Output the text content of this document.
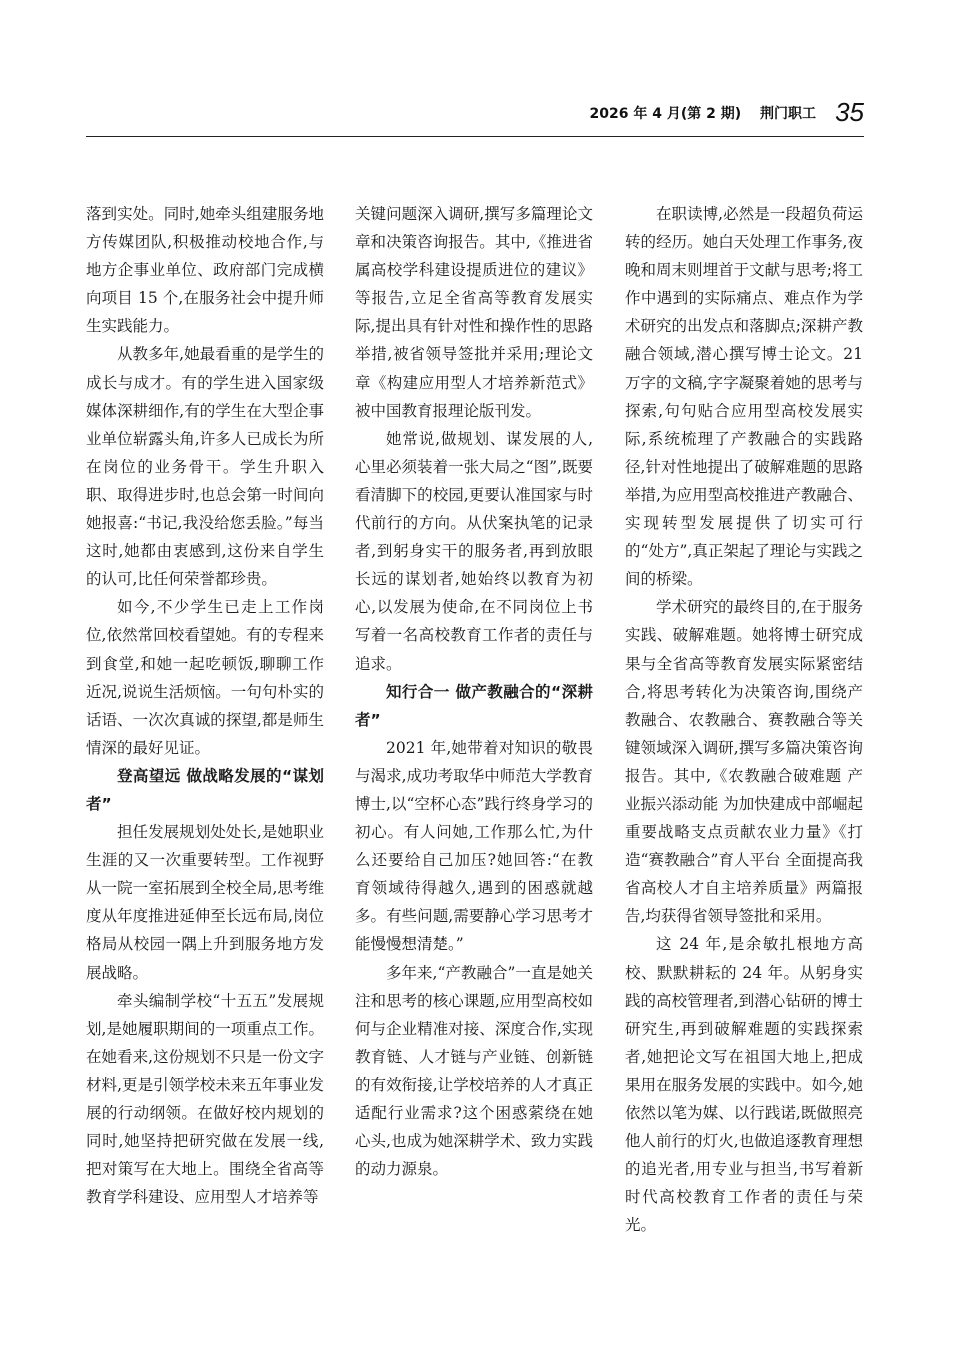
2026 年 4 月(第 2 期) 荆门职工 35

落到实处。同时,她牵头组建服务地方传媒团队,积极推动校地合作,与地方企事业单位、政府部门完成横向项目 15 个,在服务社会中提升师生实践能力。

从教多年,她最看重的是学生的成长与成才。有的学生进入国家级媒体深耕细作,有的学生在大型企事业单位崭露头角,许多人已成长为所在岗位的业务骨干。学生升职入职、取得进步时,也总会第一时间向她报喜:“书记,我没给您丢脸。”每当这时,她都由衷感到,这份来自学生的认可,比任何荣誉都珍贵。

如今,不少学生已走上工作岗位,依然常回校看望她。有的专程来到食堂,和她一起吃顿饭,聊聊工作近况,说说生活烦恼。一句句朴实的话语、一次次真诚的探望,都是师生情深的最好见证。

登高望远 做战略发展的“谋划者”

担任发展规划处处长,是她职业生涯的又一次重要转型。工作视野从一院一室拓展到全校全局,思考维度从年度推进延伸至长远布局,岗位格局从校园一隅上升到服务地方发展战略。

牵头编制学校“十五五”发展规划,是她履职期间的一项重点工作。在她看来,这份规划不只是一份文字材料,更是引领学校未来五年事业发展的行动纲领。在做好校内规划的同时,她坚持把研究做在发展一线,把对策写在大地上。围绕全省高等教育学科建设、应用型人才培养等

关键问题深入调研,撰写多篇理论文章和决策咨询报告。其中,《推进省属高校学科建设提质进位的建议》等报告,立足全省高等教育发展实际,提出具有针对性和操作性的思路举措,被省领导签批并采用;理论文章《构建应用型人才培养新范式》被中国教育报理论版刊发。

她常说,做规划、谋发展的人,心里必须装着一张大局之“图”,既要看清脚下的校园,更要认准国家与时代前行的方向。从伏案执笔的记录者,到躬身实干的服务者,再到放眼长远的谋划者,她始终以教育为初心,以发展为使命,在不同岗位上书写着一名高校教育工作者的责任与追求。

知行合一 做产教融合的“深耕者”

2021 年,她带着对知识的敬畏与渴求,成功考取华中师范大学教育博士,以“空杯心态”践行终身学习的初心。有人问她,工作那么忙,为什么还要给自己加压?她回答:“在教育领域待得越久,遇到的困惑就越多。有些问题,需要静心学习思考才能慢慢想清楚。”

多年来,“产教融合”一直是她关注和思考的核心课题,应用型高校如何与企业精准对接、深度合作,实现教育链、人才链与产业链、创新链的有效衔接,让学校培养的人才真正适配行业需求?这个困惑萦绕在她心头,也成为她深耕学术、致力实践的动力源泉。

在职读博,必然是一段超负荷运转的经历。她白天处理工作事务,夜晚和周末则埋首于文献与思考;将工作中遇到的实际痛点、难点作为学术研究的出发点和落脚点;深耕产教融合领域,潜心撰写博士论文。21 万字的文稿,字字凝聚着她的思考与探索,句句贴合应用型高校发展实际,系统梳理了产教融合的实践路径,针对性地提出了破解难题的思路举措,为应用型高校推进产教融合、实现转型发展提供了切实可行的“处方”,真正架起了理论与实践之间的桥梁。

学术研究的最终目的,在于服务实践、破解难题。她将博士研究成果与全省高等教育发展实际紧密结合,将思考转化为决策咨询,围绕产教融合、农教融合、赛教融合等关键领域深入调研,撰写多篇决策咨询报告。其中,《农教融合破难题 产业振兴添动能 为加快建成中部崛起重要战略支点贡献农业力量》《打造“赛教融合”育人平台 全面提高我省高校人才自主培养质量》两篇报告,均获得省领导签批和采用。

这 24 年,是余敏扎根地方高校、默默耕耘的 24 年。从躬身实践的高校管理者,到潜心钻研的博士研究生,再到破解难题的实践探索者,她把论文写在祖国大地上,把成果用在服务发展的实践中。如今,她依然以笔为媒、以行践诺,既做照亮他人前行的灯火,也做追逐教育理想的追光者,用专业与担当,书写着新时代高校教育工作者的责任与荣光。
